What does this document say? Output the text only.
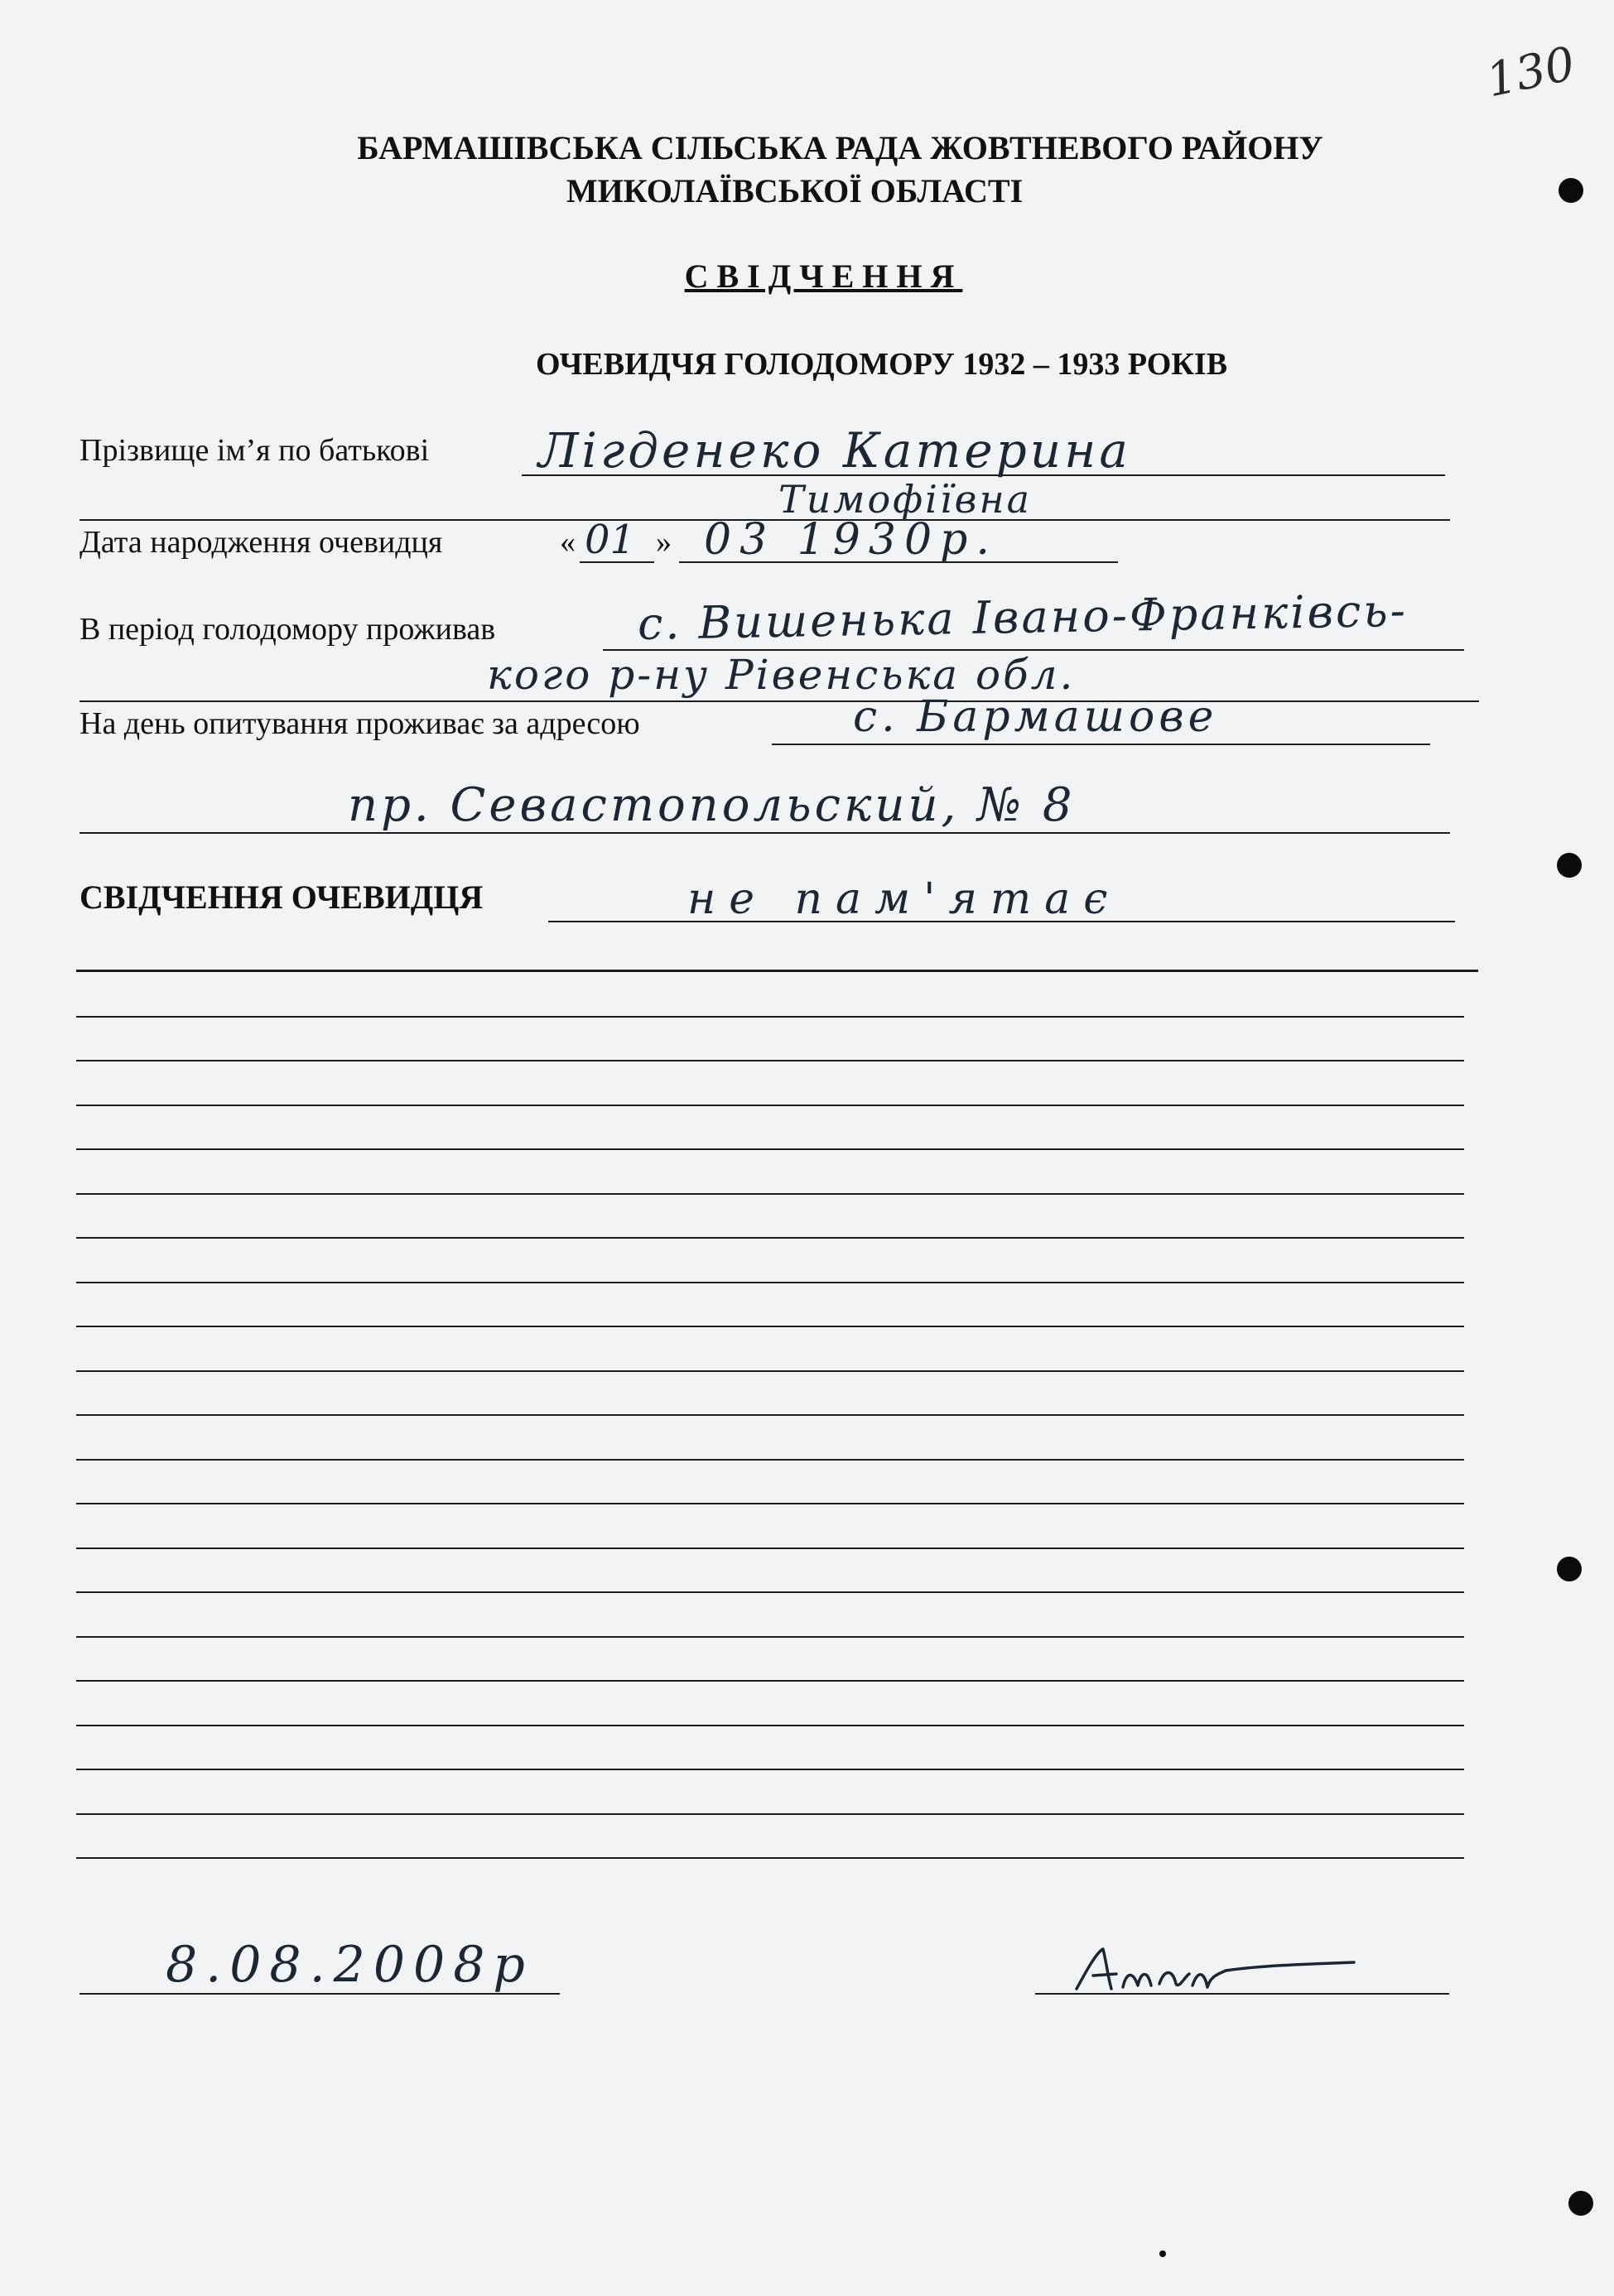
130
БАРМАШІВСЬКА СІЛЬСЬКА РАДА ЖОВТНЕВОГО РАЙОНУ
МИКОЛАЇВСЬКОЇ ОБЛАСТІ
СВІДЧЕННЯ
ОЧЕВИДЧЯ ГОЛОДОМОРУ 1932 – 1933 РОКІВ
Прізвище ім’я по батькові Лігденеко Катерина
Тимофіївна
Дата народження очевидця	« 01 » 03 1930р.
В період голодомору проживав	с. Вишенька Івано-Франківсь-
кого р-ну Рівенська обл.
На день опитування проживає за адресою	с. Бармашове
пр. Севастопольский, № 8
СВІДЧЕННЯ ОЧЕВИДЦЯ	не пам'ятає
8.08.2008р
